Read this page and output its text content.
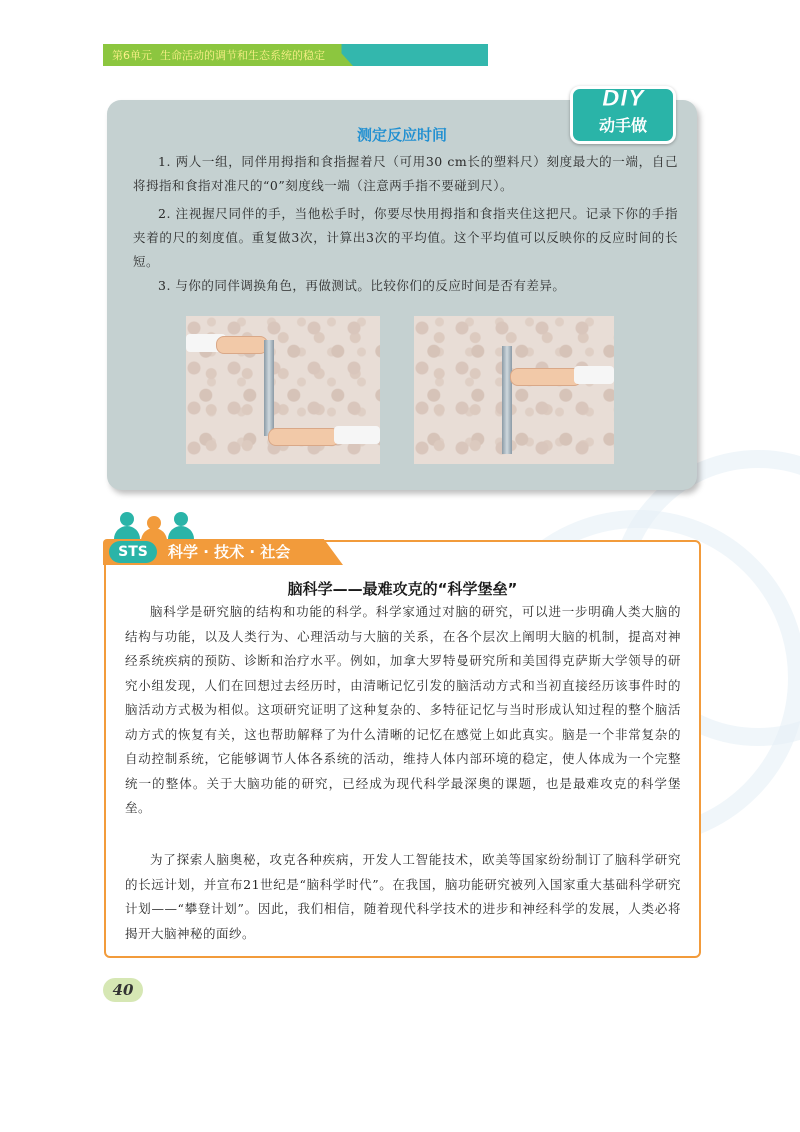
第6单元 生命活动的调节和生态系统的稳定
DIY
动手做
测定反应时间
1. 两人一组，同伴用拇指和食指握着尺（可用30 cm长的塑料尺）刻度最大的一端，自己将拇指和食指对准尺的“0”刻度线一端（注意两手指不要碰到尺）。
2. 注视握尺同伴的手，当他松手时，你要尽快用拇指和食指夹住这把尺。记录下你的手指夹着的尺的刻度值。重复做3次，计算出3次的平均值。这个平均值可以反映你的反应时间的长短。
3. 与你的同伴调换角色，再做测试。比较你们的反应时间是否有差异。
STS	科学 · 技术 · 社会
脑科学——最难攻克的“科学堡垒”
脑科学是研究脑的结构和功能的科学。科学家通过对脑的研究，可以进一步明确人类大脑的结构与功能，以及人类行为、心理活动与大脑的关系，在各个层次上阐明大脑的机制，提高对神经系统疾病的预防、诊断和治疗水平。例如，加拿大罗特曼研究所和美国得克萨斯大学领导的研究小组发现，人们在回想过去经历时，由清晰记忆引发的脑活动方式和当初直接经历该事件时的脑活动方式极为相似。这项研究证明了这种复杂的、多特征记忆与当时形成认知过程的整个脑活动方式的恢复有关，这也帮助解释了为什么清晰的记忆在感觉上如此真实。脑是一个非常复杂的自动控制系统，它能够调节人体各系统的活动，维持人体内部环境的稳定，使人体成为一个完整统一的整体。关于大脑功能的研究，已经成为现代科学最深奥的课题，也是最难攻克的科学堡垒。
为了探索人脑奥秘，攻克各种疾病，开发人工智能技术，欧美等国家纷纷制订了脑科学研究的长远计划，并宣布21世纪是“脑科学时代”。在我国，脑功能研究被列入国家重大基础科学研究计划——“攀登计划”。因此，我们相信，随着现代科学技术的进步和神经科学的发展，人类必将揭开大脑神秘的面纱。
40
